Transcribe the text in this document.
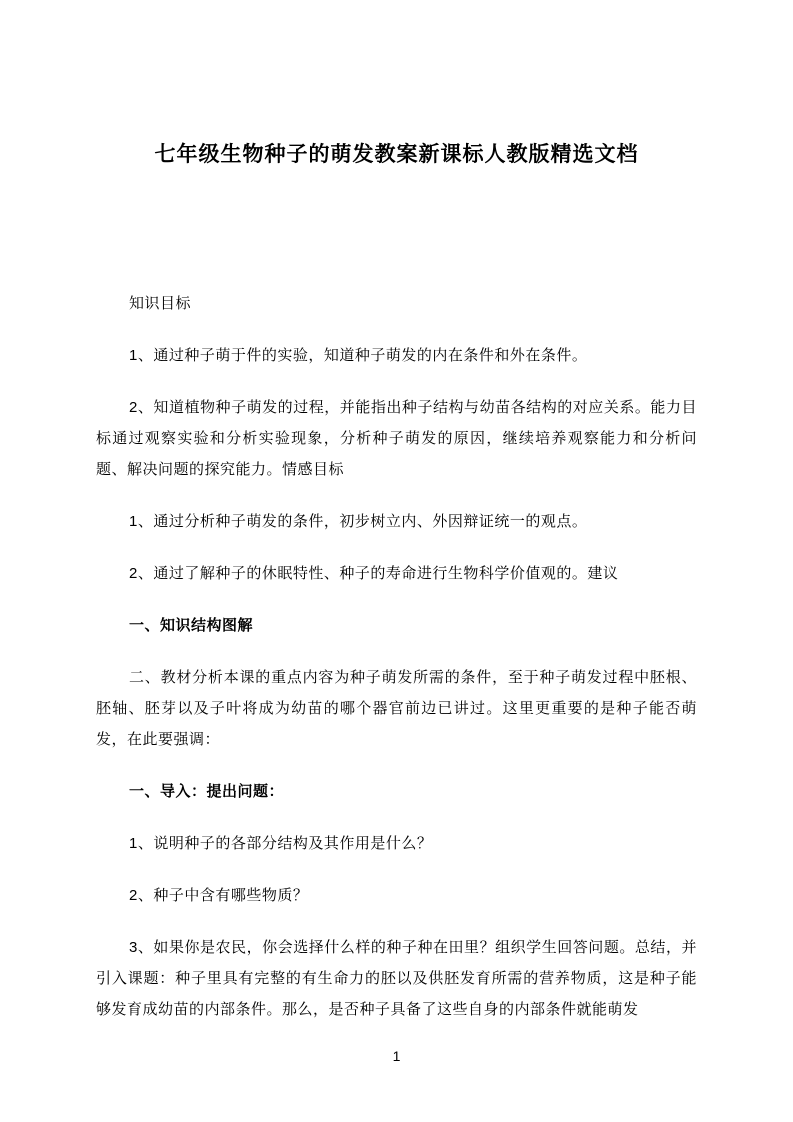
七年级生物种子的萌发教案新课标人教版精选文档

知识目标

1、通过种子萌于件的实验，知道种子萌发的内在条件和外在条件。

2、知道植物种子萌发的过程，并能指出种子结构与幼苗各结构的对应关系。能力目标通过观察实验和分析实验现象，分析种子萌发的原因，继续培养观察能力和分析问题、解决问题的探究能力。情感目标

1、通过分析种子萌发的条件，初步树立内、外因辩证统一的观点。

2、通过了解种子的休眠特性、种子的寿命进行生物科学价值观的。建议

一、知识结构图解

二、教材分析本课的重点内容为种子萌发所需的条件，至于种子萌发过程中胚根、胚轴、胚芽以及子叶将成为幼苗的哪个器官前边已讲过。这里更重要的是种子能否萌发，在此要强调：

一、导入：提出问题：

1、说明种子的各部分结构及其作用是什么？

2、种子中含有哪些物质？

3、如果你是农民，你会选择什么样的种子种在田里？组织学生回答问题。总结，并引入课题：种子里具有完整的有生命力的胚以及供胚发育所需的营养物质，这是种子能够发育成幼苗的内部条件。那么，是否种子具备了这些自身的内部条件就能萌发

1
